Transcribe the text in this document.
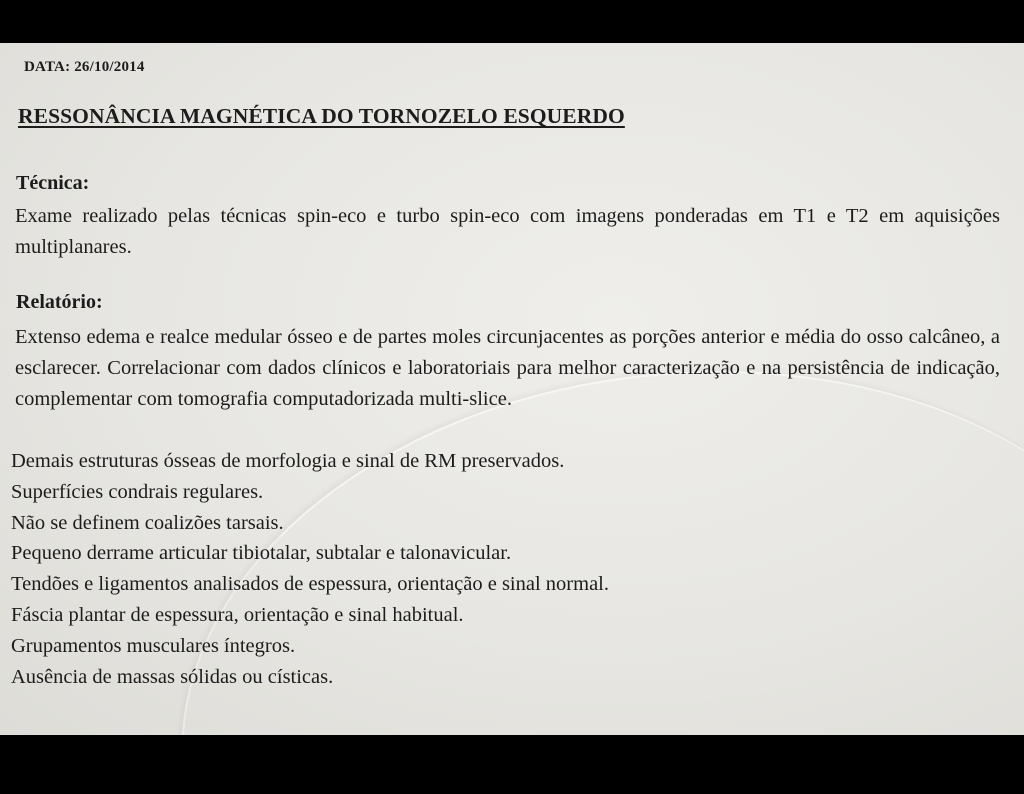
DATA: 26/10/2014
RESSONÂNCIA MAGNÉTICA DO TORNOZELO ESQUERDO
Técnica:
Exame realizado pelas técnicas spin-eco e turbo spin-eco com imagens ponderadas em T1 e T2 em aquisições multiplanares.
Relatório:
Extenso edema e realce medular ósseo e de partes moles circunjacentes as porções anterior e média do osso calcâneo, a esclarecer. Correlacionar com dados clínicos e laboratoriais para melhor caracterização e na persistência de indicação, complementar com tomografia computadorizada multi-slice.
Demais estruturas ósseas de morfologia e sinal de RM preservados.
Superfícies condrais regulares.
Não se definem coalizões tarsais.
Pequeno derrame articular tibiotalar, subtalar e talonavicular.
Tendões e ligamentos analisados de espessura, orientação e sinal normal.
Fáscia plantar de espessura, orientação e sinal habitual.
Grupamentos musculares íntegros.
Ausência de massas sólidas ou císticas.
